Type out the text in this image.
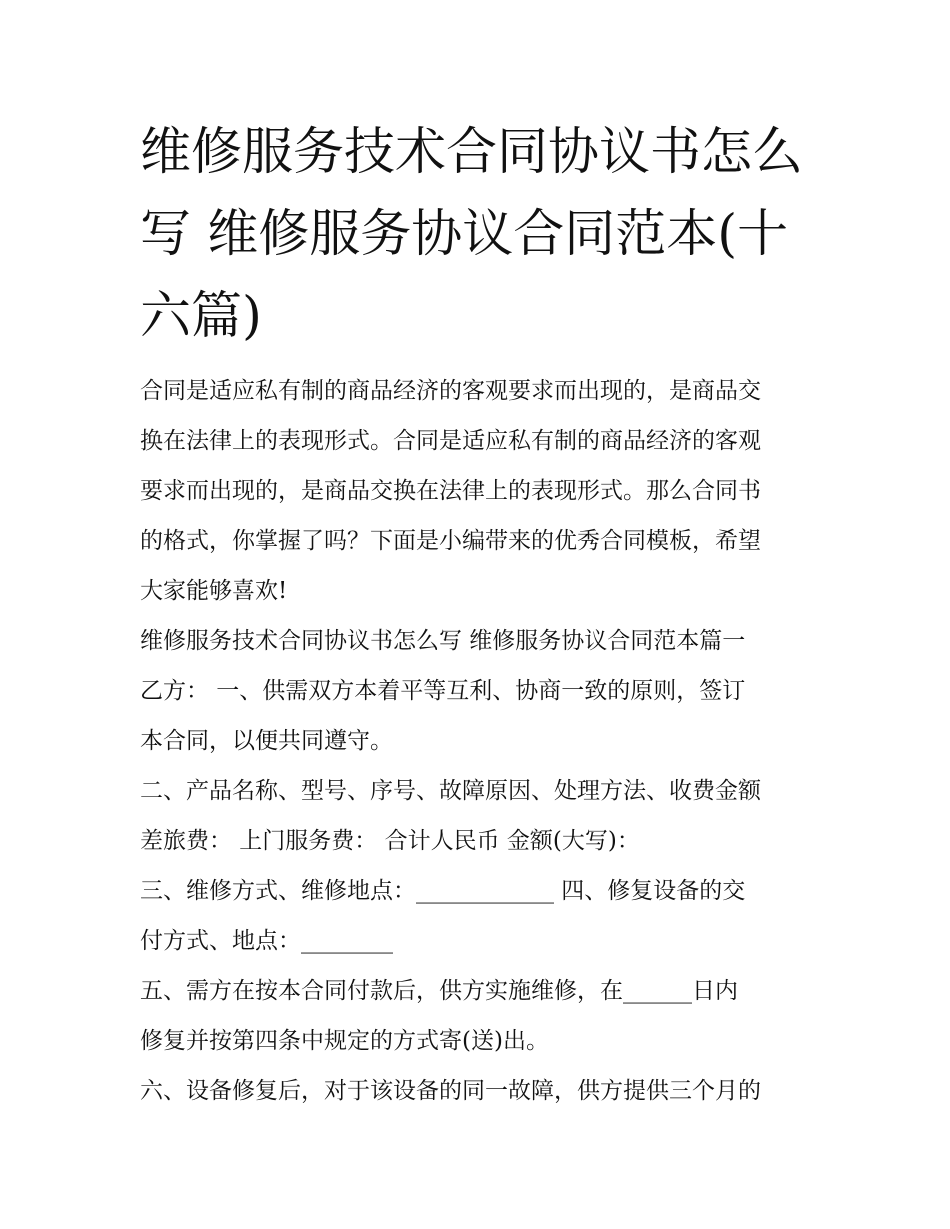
维修服务技术合同协议书怎么
写 维修服务协议合同范本(十
六篇)
合同是适应私有制的商品经济的客观要求而出现的，是商品交
换在法律上的表现形式。合同是适应私有制的商品经济的客观
要求而出现的，是商品交换在法律上的表现形式。那么合同书
的格式，你掌握了吗？下面是小编带来的优秀合同模板，希望
大家能够喜欢!
维修服务技术合同协议书怎么写 维修服务协议合同范本篇一
乙方： 一、供需双方本着平等互利、协商一致的原则，签订
本合同，以便共同遵守。
二、产品名称、型号、序号、故障原因、处理方法、收费金额
差旅费： 上门服务费： 合计人民币 金额(大写)：
三、维修方式、维修地点：____________ 四、修复设备的交
付方式、地点：________
五、需方在按本合同付款后，供方实施维修，在______日内
修复并按第四条中规定的方式寄(送)出。
六、设备修复后，对于该设备的同一故障，供方提供三个月的
